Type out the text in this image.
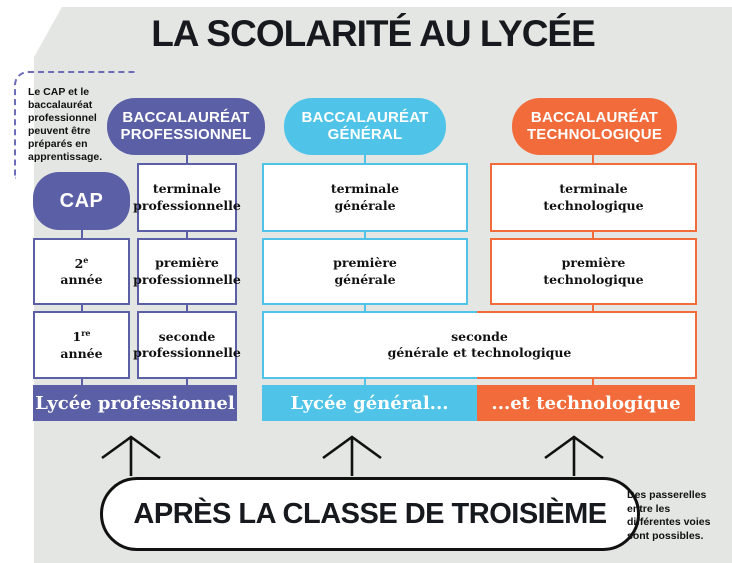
LA SCOLARITÉ AU LYCÉE
Le CAP et le baccalauréat professionnel peuvent être préparés en apprentissage.
BACCALAURÉAT
PROFESSIONNEL
BACCALAURÉAT
GÉNÉRAL
BACCALAURÉAT
TECHNOLOGIQUE
CAP
terminale
professionnelle
première
professionnelle
seconde
professionnelle
2e
année
1re
année
terminale
générale
première
générale
terminale
technologique
première
technologique
seconde
générale et technologique
Lycée professionnel	Lycée général...	...et technologique
APRÈS LA CLASSE DE TROISIÈME
Des passerelles entre les différentes voies sont possibles.
